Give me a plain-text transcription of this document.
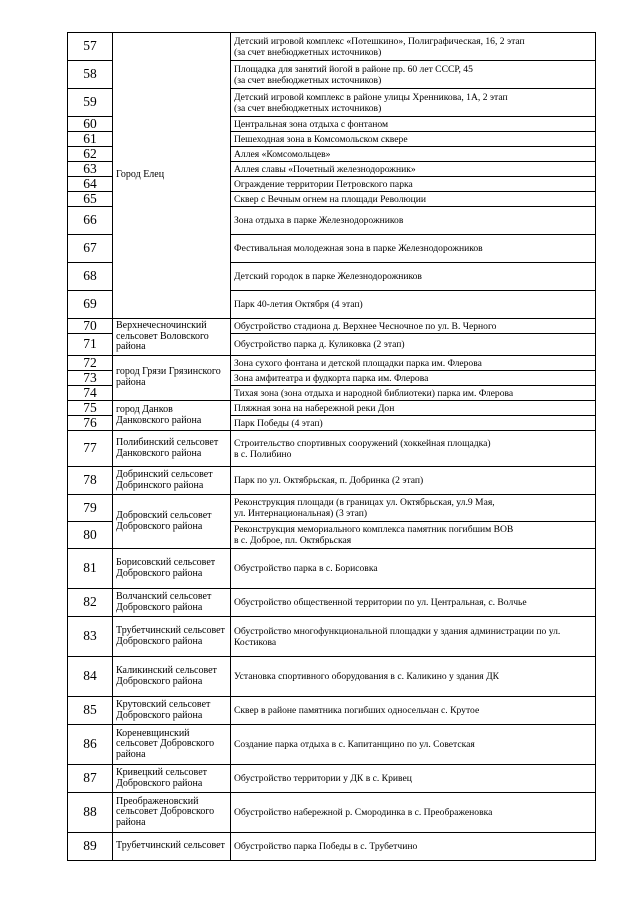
57	Город Елец	Детский игровой комплекс «Потешкино», Полиграфическая, 16, 2 этап
(за счет внебюджетных источников)
58		Площадка для занятий йогой в районе пр. 60 лет СССР, 45
(за счет внебюджетных источников)
59		Детский игровой комплекс в районе улицы Хренникова, 1А, 2 этап
(за счет внебюджетных источников)
60		Центральная зона отдыха с фонтаном
61		Пешеходная зона в Комсомольском сквере
62		Аллея «Комсомольцев»
63		Аллея славы «Почетный железнодорожник»
64		Ограждение территории Петровского парка
65		Сквер с Вечным огнем на площади Революции
66		Зона отдыха в парке Железнодорожников
67		Фестивальная молодежная зона в парке Железнодорожников
68		Детский городок в парке Железнодорожников
69		Парк 40-летия Октября (4 этап)
70	Верхнечесночинский сельсовет Воловского района	Обустройство стадиона д. Верхнее Чесночное по ул. В. Черного
71		Обустройство парка д. Куликовка (2 этап)
72	город Грязи Грязинского района	Зона сухого фонтана и детской площадки парка им. Флерова
73		Зона амфитеатра и фудкорта парка им. Флерова
74		Тихая зона (зона отдыха и народной библиотеки) парка им. Флерова
75	город Данков Данковского района	Пляжная зона на набережной реки Дон
76		Парк Победы (4 этап)
77	Полибинский сельсовет Данковского района	Строительство спортивных сооружений (хоккейная площадка)
в с. Полибино
78	Добринский сельсовет Добринского района	Парк по ул. Октябрьская, п. Добринка (2 этап)
79	Добровский сельсовет Добровского района	Реконструкция площади (в границах ул. Октябрьская, ул.9 Мая,
ул. Интернациональная) (3 этап)
80		Реконструкция мемориального комплекса памятник погибшим ВОВ
в с. Доброе, пл. Октябрьская
81	Борисовский сельсовет Добровского района	Обустройство парка в с. Борисовка
82	Волчанский сельсовет Добровского района	Обустройство общественной территории по ул. Центральная, с. Волчье
83	Трубетчинский сельсовет Добровского района	Обустройство многофункциональной площадки у здания администрации по ул. Костикова
84	Каликинский сельсовет Добровского района	Установка спортивного оборудования в с. Каликино у здания ДК
85	Крутовский сельсовет Добровского района	Сквер в районе памятника погибших односельчан с. Крутое
86	Кореневщинский сельсовет Добровского района	Создание парка отдыха в с. Капитанщино по ул. Советская
87	Кривецкий сельсовет Добровского района	Обустройство территории у ДК в с. Кривец
88	Преображеновский сельсовет Добровского района	Обустройство набережной р. Смородинка в с. Преображеновка
89	Трубетчинский сельсовет	Обустройство парка Победы в с. Трубетчино
